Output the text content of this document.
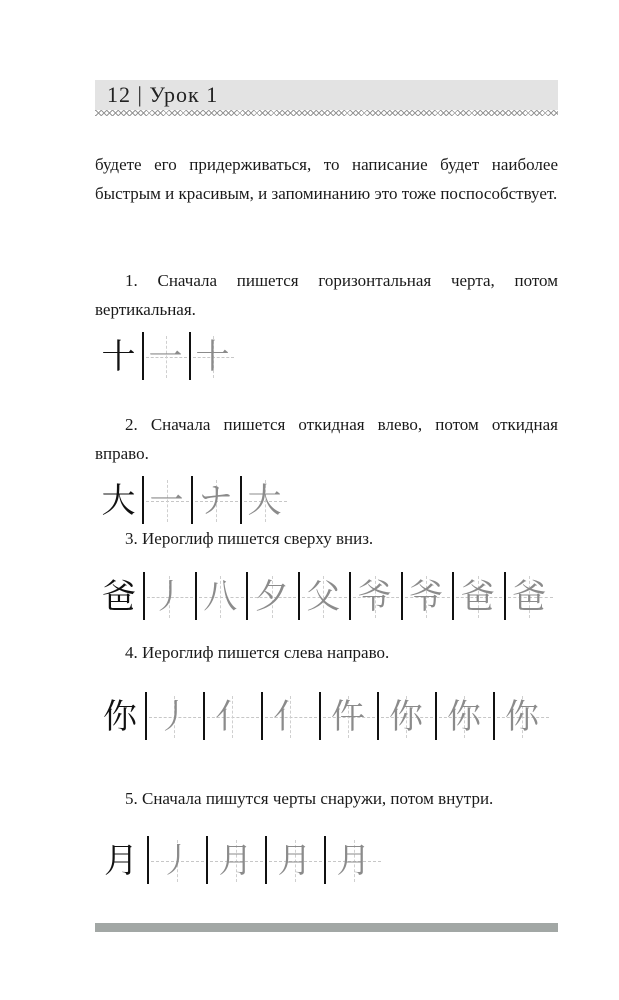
12 | Урок 1

будете его придерживаться, то написание будет наиболее быстрым и красивым, и запоминанию это тоже поспособствует.

1. Сначала пишется горизонтальная черта, потом вертикальная.

十 一 十

2. Сначала пишется откидная влево, потом откидная вправо.

大 一 ナ 大

3. Иероглиф пишется сверху вниз.

爸 丿 八 夕 父 爷 爷 爸 爸

4. Иероглиф пишется слева направо.

你 丿 亻 亻 仵 你 你 你

5. Сначала пишутся черты снаружи, потом внутри.

月 丿 月 月 月
